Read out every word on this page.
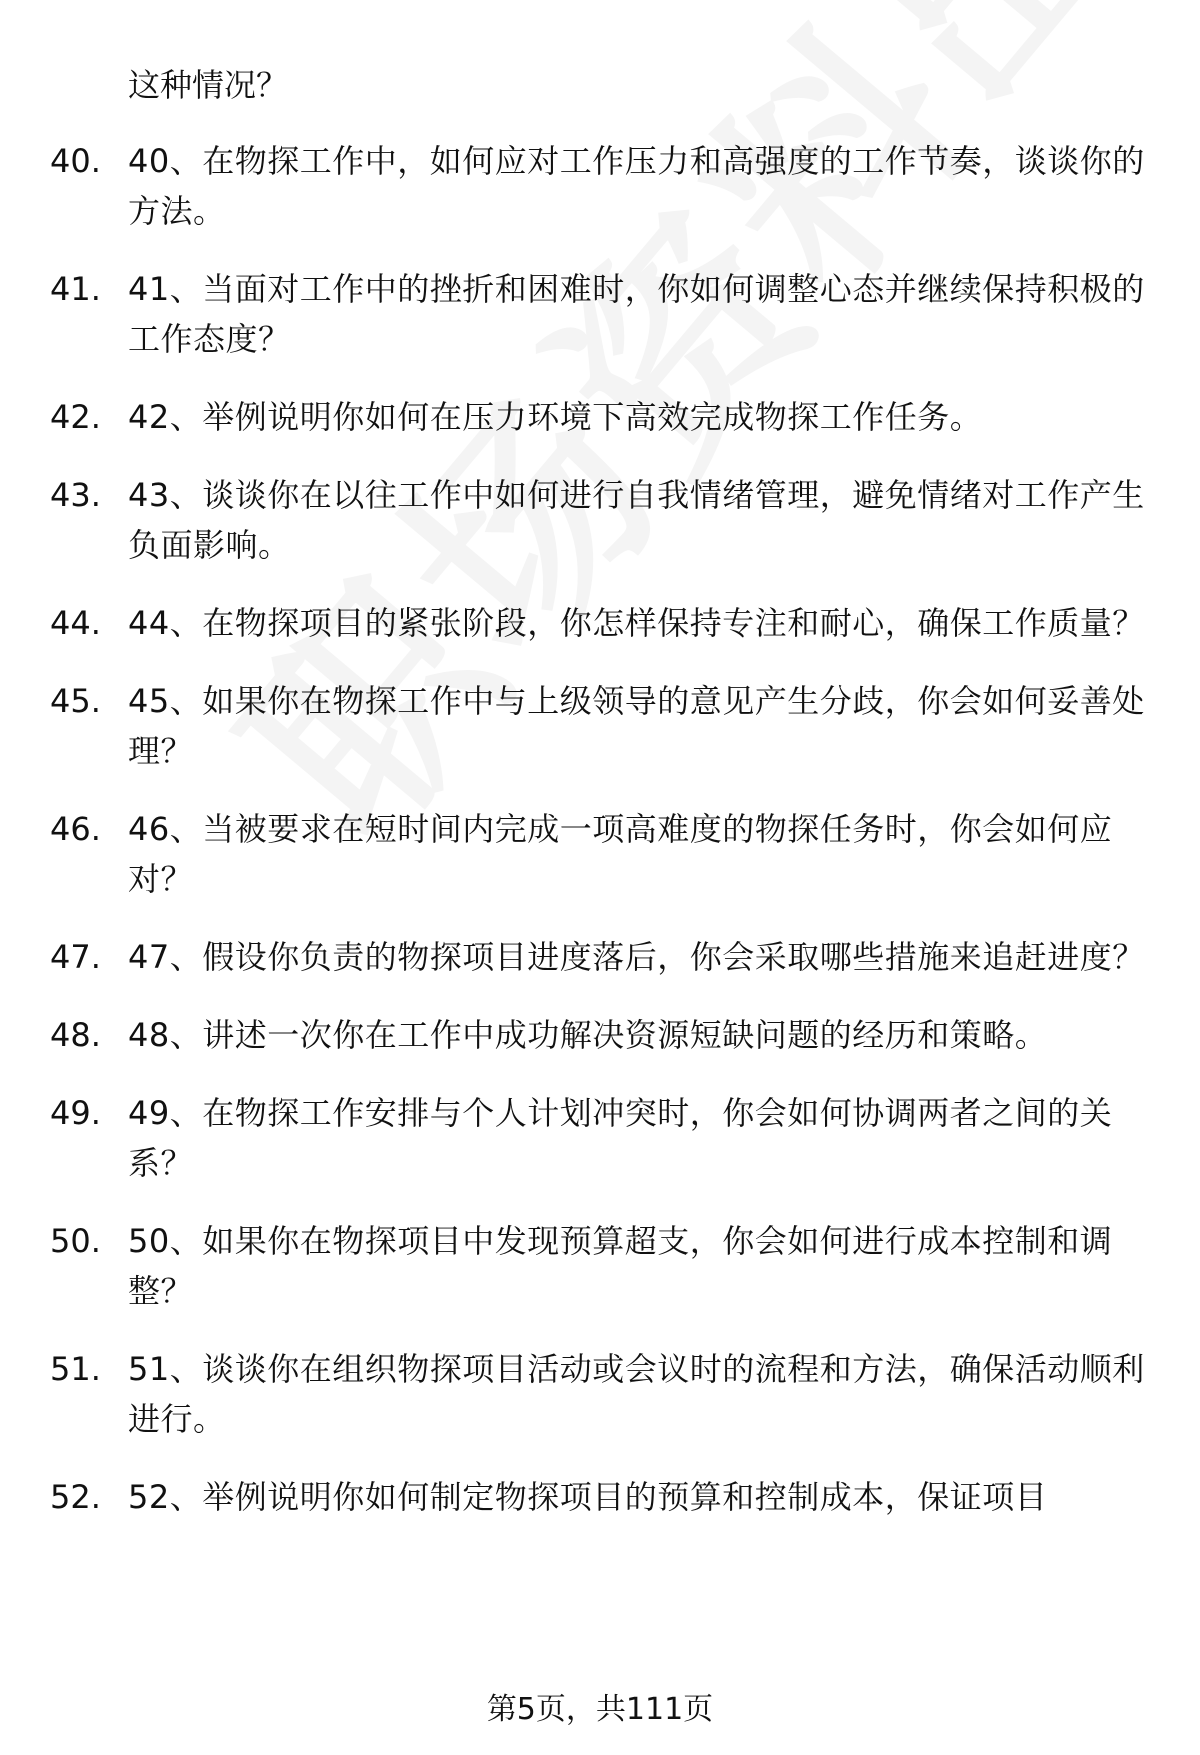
这种情况？
40. 40、在物探工作中，如何应对工作压力和高强度的工作节奏，谈谈你的方法。
41. 41、当面对工作中的挫折和困难时，你如何调整心态并继续保持积极的工作态度？
42. 42、举例说明你如何在压力环境下高效完成物探工作任务。
43. 43、谈谈你在以往工作中如何进行自我情绪管理，避免情绪对工作产生负面影响。
44. 44、在物探项目的紧张阶段，你怎样保持专注和耐心，确保工作质量？
45. 45、如果你在物探工作中与上级领导的意见产生分歧，你会如何妥善处理？
46. 46、当被要求在短时间内完成一项高难度的物探任务时，你会如何应对？
47. 47、假设你负责的物探项目进度落后，你会采取哪些措施来追赶进度？
48. 48、讲述一次你在工作中成功解决资源短缺问题的经历和策略。
49. 49、在物探工作安排与个人计划冲突时，你会如何协调两者之间的关系？
50. 50、如果你在物探项目中发现预算超支，你会如何进行成本控制和调整？
51. 51、谈谈你在组织物探项目活动或会议时的流程和方法，确保活动顺利进行。
52. 52、举例说明你如何制定物探项目的预算和控制成本，保证项目
第5页，共111页
